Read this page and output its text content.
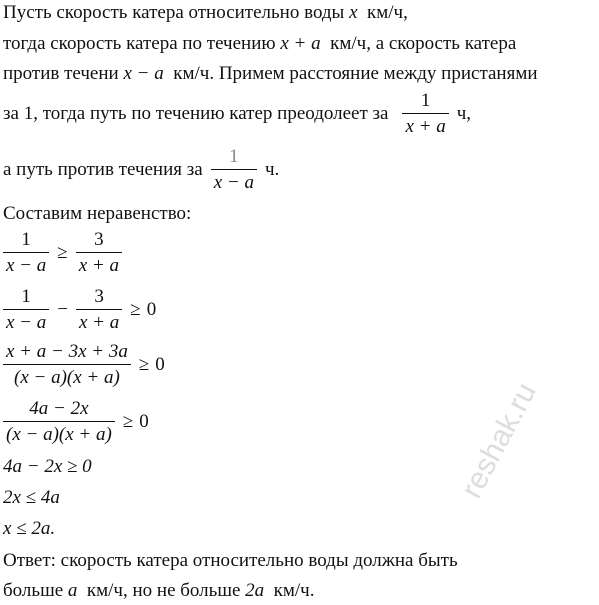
Пусть скорость катера относительно воды x км/ч,
тогда скорость катера по течению x + a км/ч, а скорость катера
против течени x − a км/ч. Примем расстояние между пристанями
за 1, тогда путь по течению катер преодолеет за $\frac{1}{x + a} ч$,
а путь против течения за $\frac{1}{x - a} ч$.
Составим неравенство:
$\frac{1}{x - a} \ge \frac{3}{x + a}$
$\frac{1}{x - a} - \frac{3}{x + a} \ge 0$
$\frac{x + a - 3x + 3a}{(x - a)(x + a)} \ge 0$
$\frac{4a - 2x}{(x - a)(x + a)} \ge 0$
4a − 2x ≥ 0
2x ≤ 4a
x ≤ 2a.
Ответ: скорость катера относительно воды должна быть
больше a км/ч, но не больше 2a км/ч.
reshak.ru
